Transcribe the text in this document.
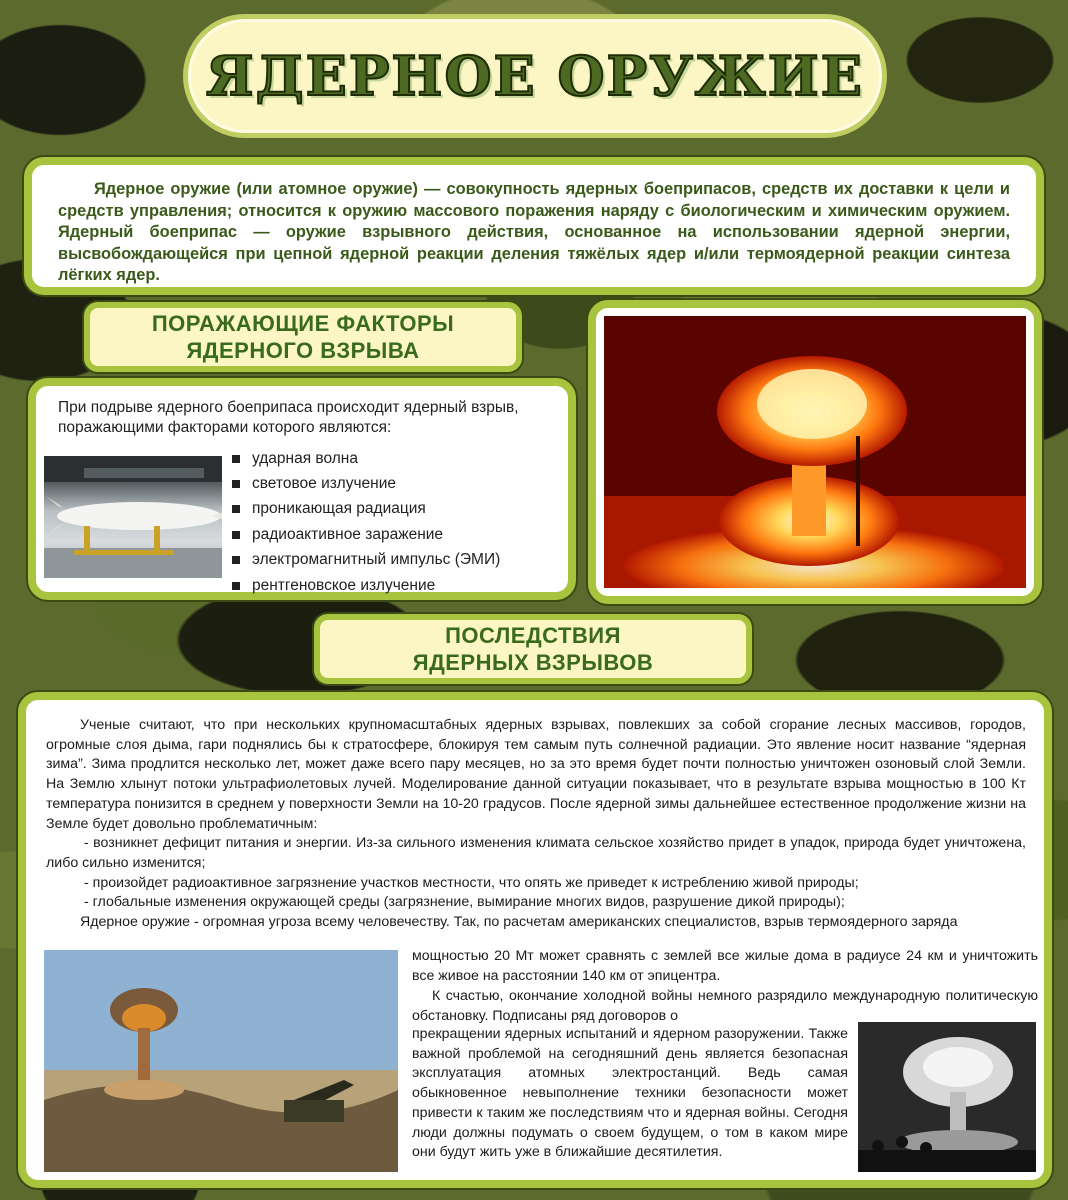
ЯДЕРНОЕ ОРУЖИЕ

Ядерное оружие (или атомное оружие) — совокупность ядерных боеприпасов, средств их доставки к цели и средств управления; относится к оружию массового поражения наряду с биологическим и химическим оружием. Ядерный боеприпас — оружие взрывного действия, основанное на использовании ядерной энергии, высвобождающейся при цепной ядерной реакции деления тяжёлых ядер и/или термоядерной реакции синтеза лёгких ядер.

ПОРАЖАЮЩИЕ ФАКТОРЫ
ЯДЕРНОГО ВЗРЫВА
При подрыве ядерного боеприпаса происходит ядерный взрыв, поражающими факторами которого являются:
ударная волна
световое излучение
проникающая радиация
радиоактивное заражение
электромагнитный импульс (ЭМИ)
рентгеновское излучение
ПОСЛЕДСТВИЯ
ЯДЕРНЫХ ВЗРЫВОВ

Ученые считают, что при нескольких крупномасштабных ядерных взрывах, повлекших за собой сгорание лесных массивов, городов, огромные слоя дыма, гари поднялись бы к стратосфере, блокируя тем самым путь солнечной радиации. Это явление носит название “ядерная зима”. Зима продлится несколько лет, может даже всего пару месяцев, но за это время будет почти полностью уничтожен озоновый слой Земли. На Землю хлынут потоки ультрафиолетовых лучей. Моделирование данной ситуации показывает, что в результате взрыва мощностью в 100 Кт температура понизится в среднем у поверхности Земли на 10-20 градусов. После ядерной зимы дальнейшее естественное продолжение жизни на Земле будет довольно проблематичным:

- возникнет дефицит питания и энергии. Из-за сильного изменения климата сельское хозяйство придет в упадок, природа будет уничтожена, либо сильно изменится;

- произойдет радиоактивное загрязнение участков местности, что опять же приведет к истреблению живой природы;

- глобальные изменения окружающей среды (загрязнение, вымирание многих видов, разрушение дикой природы);

Ядерное оружие - огромная угроза всему человечеству. Так, по расчетам американских специалистов, взрыв термоядерного заряда

мощностью 20 Мт может сравнять с землей все жилые дома в радиусе 24 км и уничтожить все живое на расстоянии 140 км от эпицентра.
К счастью, окончание холодной войны немного разрядило международную политическую обстановку. Подписаны ряд договоров о
прекращении ядерных испытаний и ядерном разоружении. Также важной проблемой на сегодняшний день является безопасная эксплуатация атомных электростанций. Ведь самая обыкновенное невыполнение техники безопасности может привести к таким же последствиям что и ядерная войны. Сегодня люди должны подумать о своем будущем, о том в каком мире они будут жить уже в ближайшие десятилетия.
